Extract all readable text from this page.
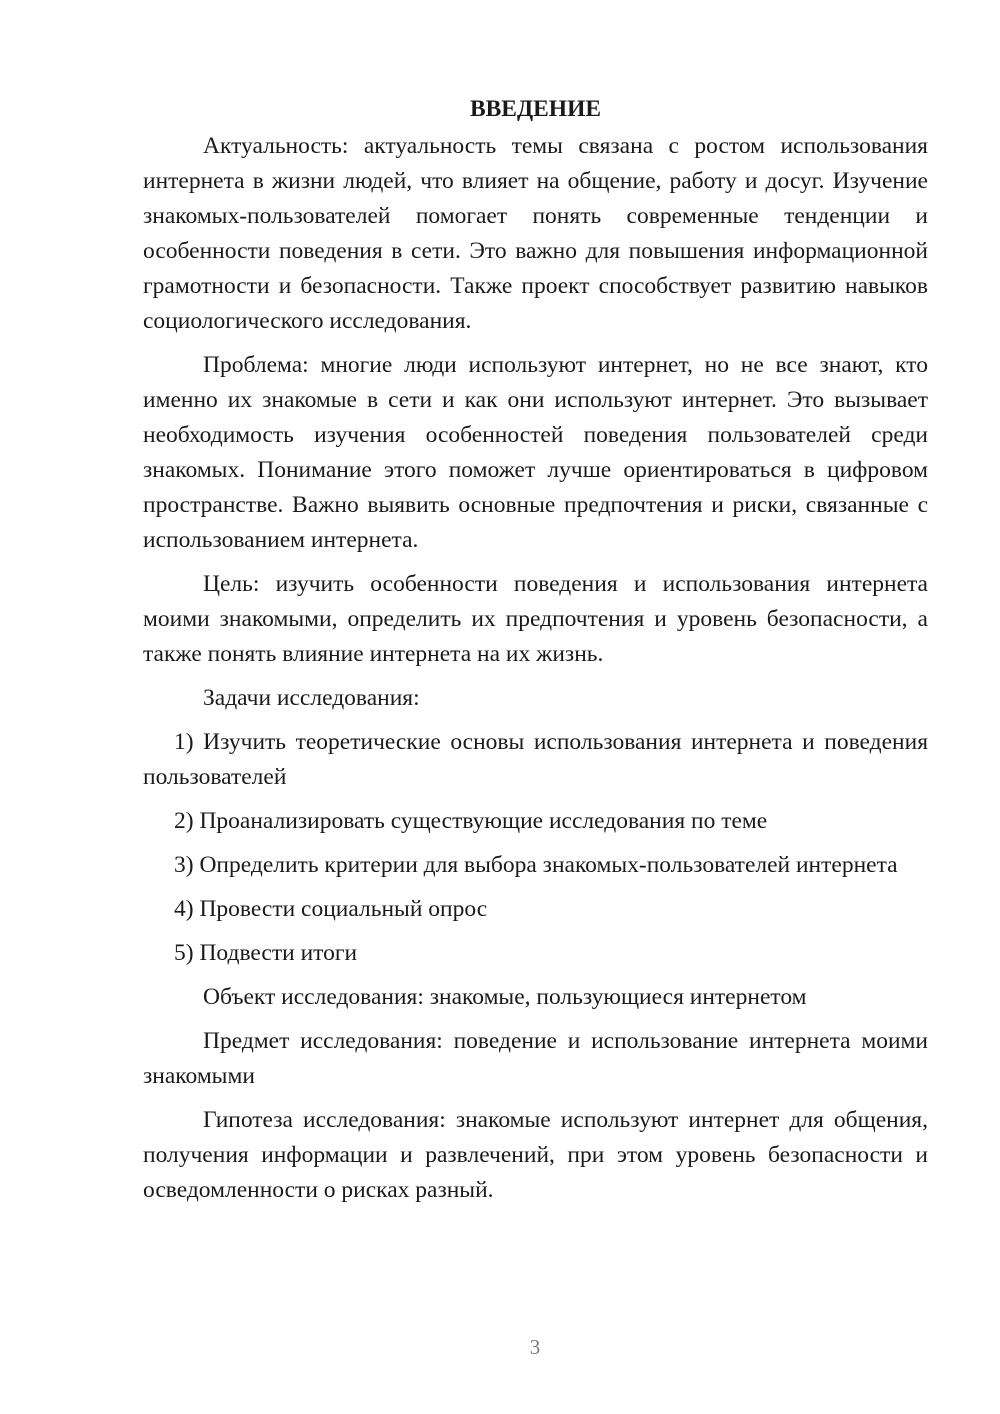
ВВЕДЕНИЕ

Актуальность: актуальность темы связана с ростом использования интернета в жизни людей, что влияет на общение, работу и досуг. Изучение знакомых-пользователей помогает понять современные тенденции и особенности поведения в сети. Это важно для повышения информационной грамотности и безопасности. Также проект способствует развитию навыков социологического исследования.

Проблема: многие люди используют интернет, но не все знают, кто именно их знакомые в сети и как они используют интернет. Это вызывает необходимость изучения особенностей поведения пользователей среди знакомых. Понимание этого поможет лучше ориентироваться в цифровом пространстве. Важно выявить основные предпочтения и риски, связанные с использованием интернета.

Цель: изучить особенности поведения и использования интернета моими знакомыми, определить их предпочтения и уровень безопасности, а также понять влияние интернета на их жизнь.

Задачи исследования:

1) Изучить теоретические основы использования интернета и поведения пользователей

2) Проанализировать существующие исследования по теме

3) Определить критерии для выбора знакомых-пользователей интернета

4) Провести социальный опрос

5) Подвести итоги

Объект исследования: знакомые, пользующиеся интернетом

Предмет исследования: поведение и использование интернета моими знакомыми

Гипотеза исследования: знакомые используют интернет для общения, получения информации и развлечений, при этом уровень безопасности и осведомленности о рисках разный.

3
